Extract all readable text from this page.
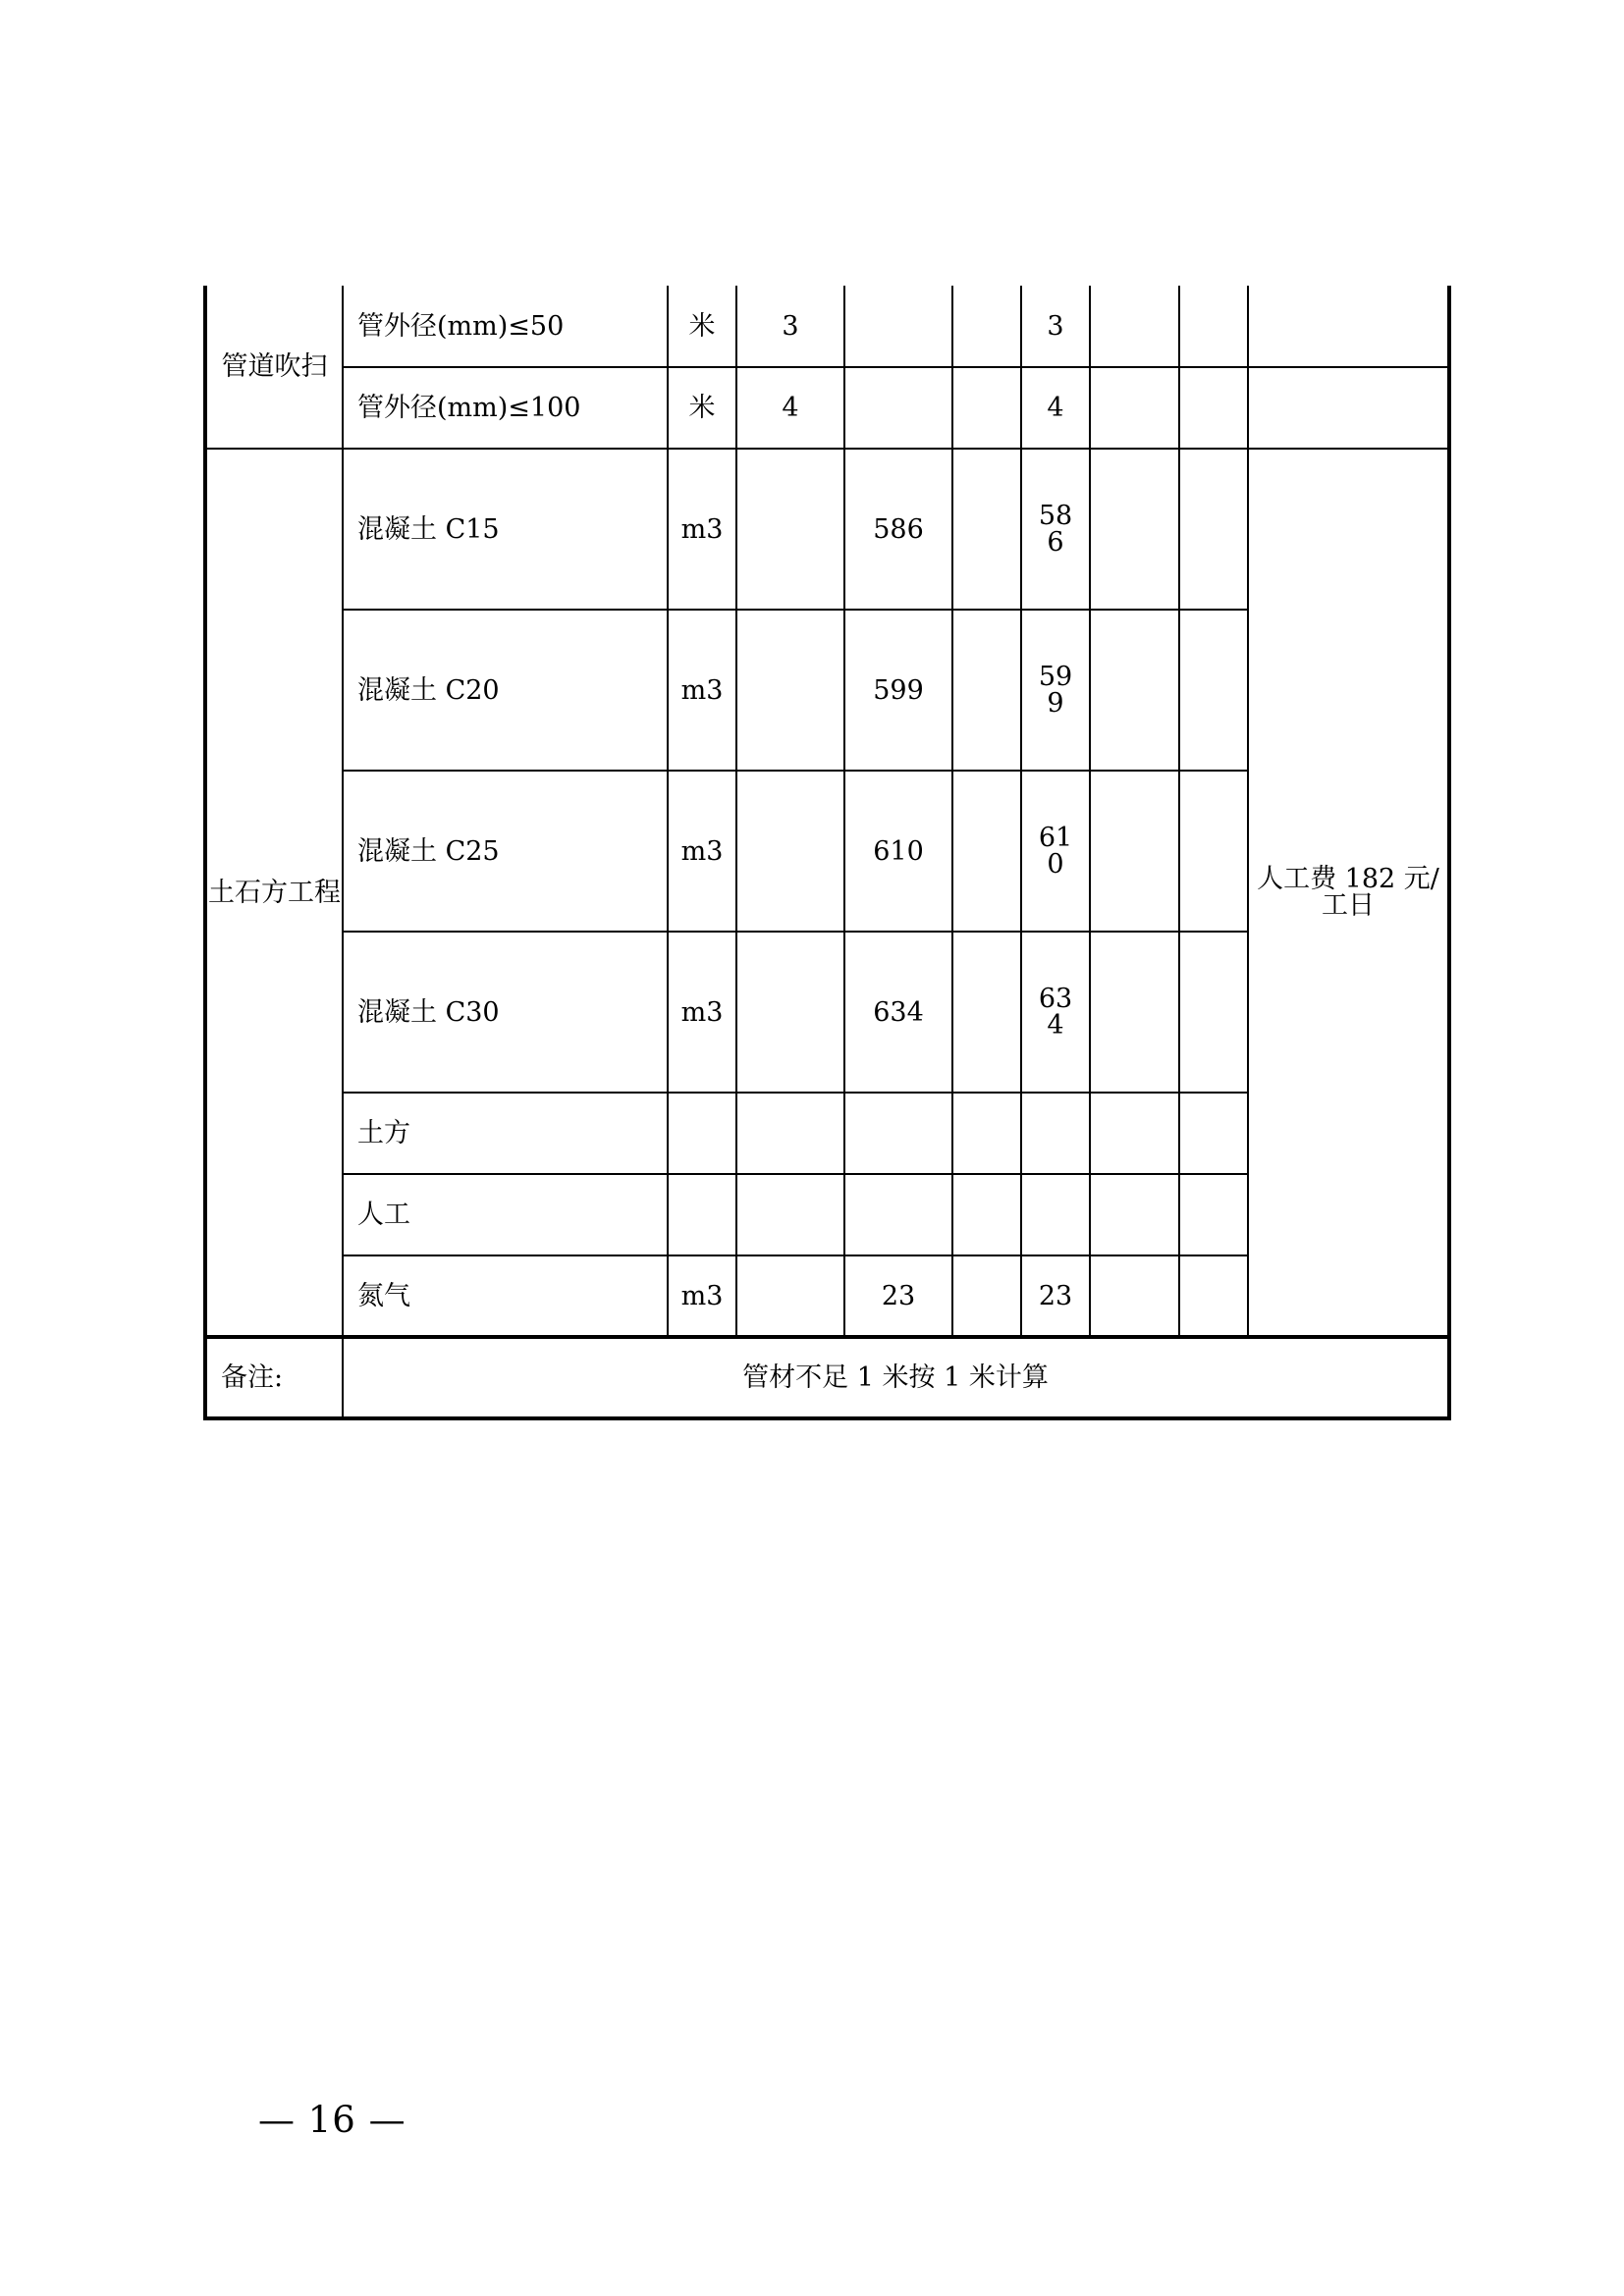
管道吹扫	管外径(mm)≤50	米	3			3			
	管外径(mm)≤100	米	4			4			
土石方工程	混凝土 C15	m3		586		586			人工费 182 元/工日
	混凝土 C20	m3		599		599			

	混凝土 C25	m3		610		610			

	混凝土 C30	m3		634		634			

	土方								
	人工								
	氮气	m3		23		23			
备注:	管材不足 1 米按 1 米计算								
— 16 —
